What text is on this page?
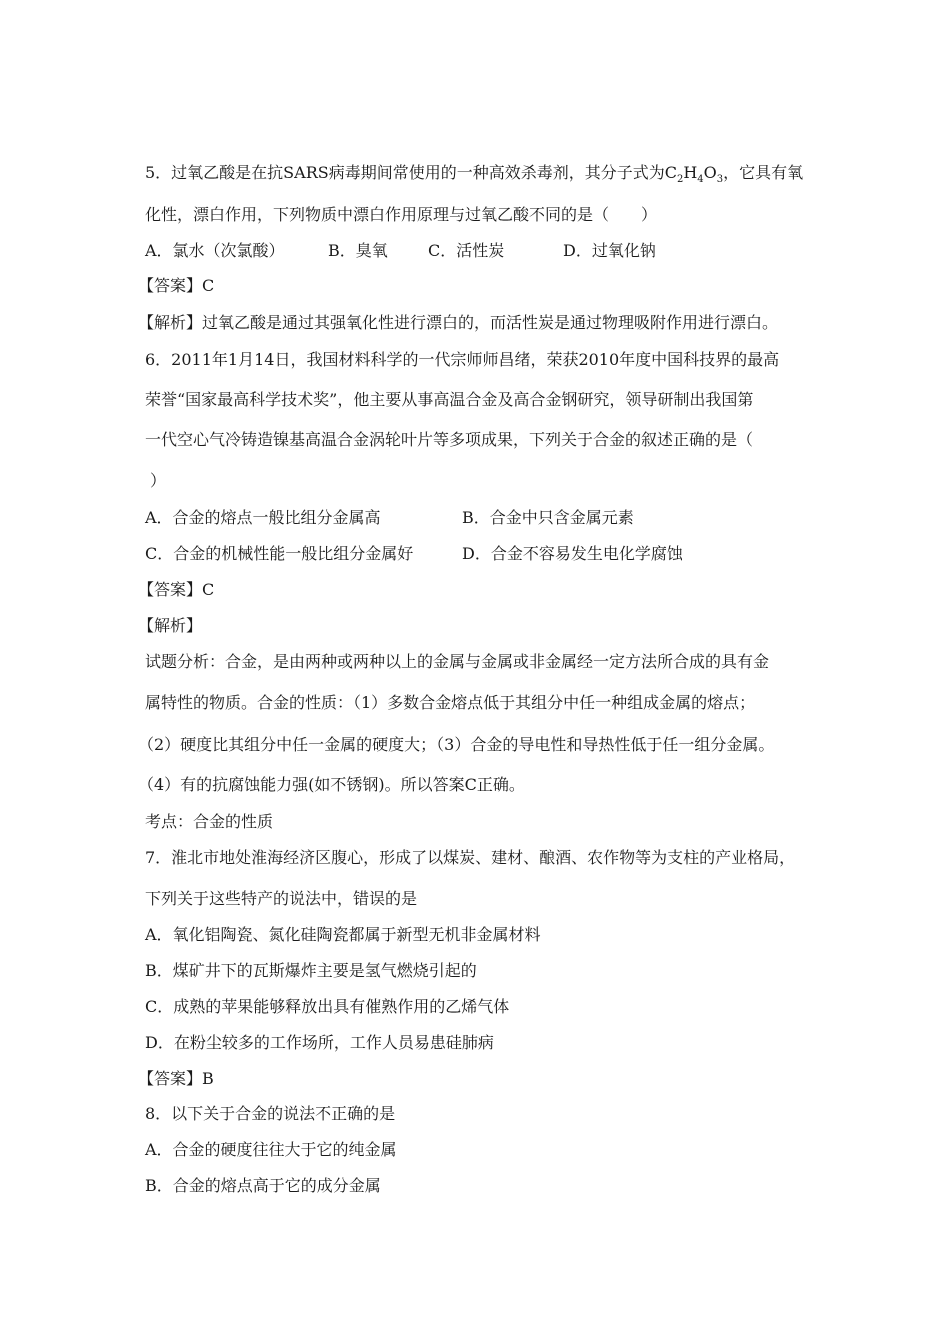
5．过氧乙酸是在抗SARS病毒期间常使用的一种高效杀毒剂，其分子式为$C_2H_4O_3$，它具有氧
化性，漂白作用，下列物质中漂白作用原理与过氧乙酸不同的是（　　）
A．氯水（次氯酸）	B．臭氧	C．活性炭	D．过氧化钠
【答案】C
【解析】过氧乙酸是通过其强氧化性进行漂白的，而活性炭是通过物理吸附作用进行漂白。
6．2011年1月14日，我国材料科学的一代宗师师昌绪，荣获2010年度中国科技界的最高
荣誉“国家最高科学技术奖”，他主要从事高温合金及高合金钢研究，领导研制出我国第
一代空心气冷铸造镍基高温合金涡轮叶片等多项成果，下列关于合金的叙述正确的是（
）
A．合金的熔点一般比组分金属高	B．合金中只含金属元素
C．合金的机械性能一般比组分金属好	D．合金不容易发生电化学腐蚀
【答案】C
【解析】
试题分析：合金，是由两种或两种以上的金属与金属或非金属经一定方法所合成的具有金
属特性的物质。合金的性质：（1）多数合金熔点低于其组分中任一种组成金属的熔点；
（2）硬度比其组分中任一金属的硬度大；（3）合金的导电性和导热性低于任一组分金属。
（4）有的抗腐蚀能力强(如不锈钢)。所以答案C正确。
考点：合金的性质
7．淮北市地处淮海经济区腹心，形成了以煤炭、建材、酿酒、农作物等为支柱的产业格局，
下列关于这些特产的说法中，错误的是
A．氧化铝陶瓷、氮化硅陶瓷都属于新型无机非金属材料
B．煤矿井下的瓦斯爆炸主要是氢气燃烧引起的
C．成熟的苹果能够释放出具有催熟作用的乙烯气体
D．在粉尘较多的工作场所，工作人员易患硅肺病
【答案】B
8．以下关于合金的说法不正确的是
A．合金的硬度往往大于它的纯金属
B．合金的熔点高于它的成分金属
